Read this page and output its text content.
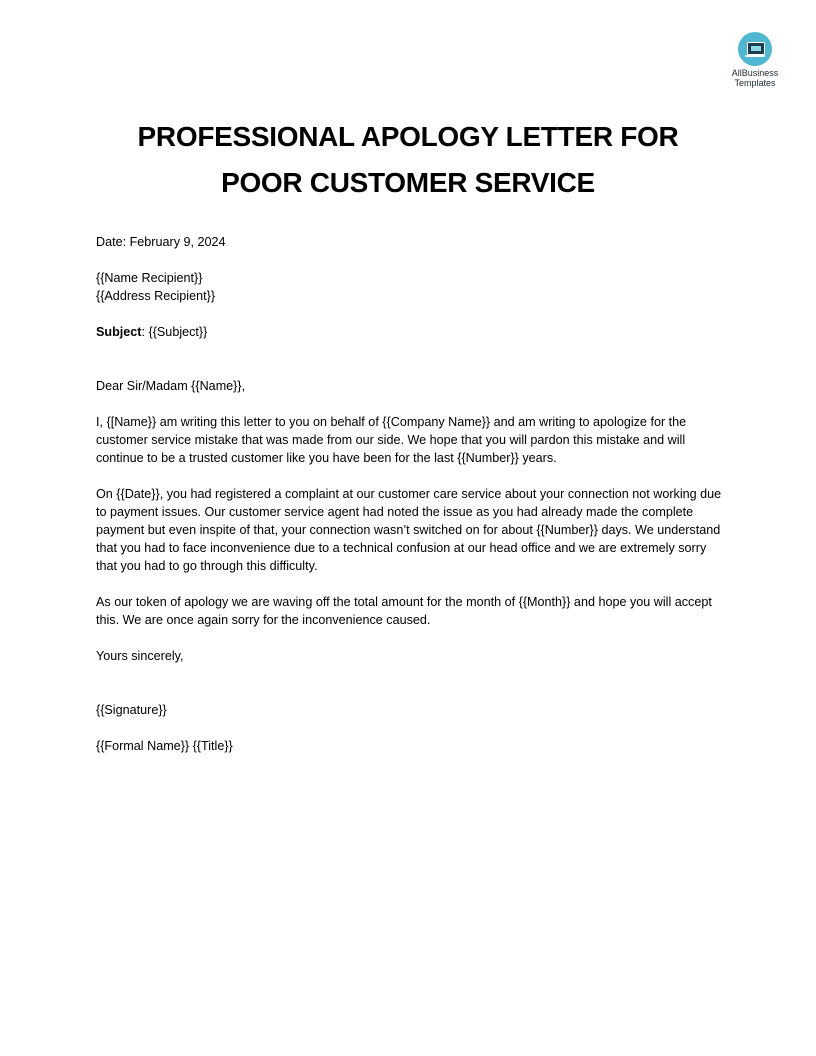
AllBusiness
Templates
PROFESSIONAL APOLOGY LETTER FOR
POOR CUSTOMER SERVICE

Date: February 9, 2024

{{Name Recipient}}

{{Address Recipient}}

Subject: {{Subject}}

Dear Sir/Madam {{Name}},

I, {[Name}} am writing this letter to you on behalf of {{Company Name}} and am writing to apologize for the customer service mistake that was made from our side. We hope that you will pardon this mistake and will continue to be a trusted customer like you have been for the last {{Number}} years.

On {{Date}}, you had registered a complaint at our customer care service about your connection not working due to payment issues. Our customer service agent had noted the issue as you had already made the complete payment but even inspite of that, your connection wasn’t switched on for about {{Number}} days. We understand that you had to face inconvenience due to a technical confusion at our head office and we are extremely sorry that you had to go through this difficulty.

As our token of apology we are waving off the total amount for the month of {{Month}} and hope you will accept this. We are once again sorry for the inconvenience caused.

Yours sincerely,

{{Signature}}

{{Formal Name}} {{Title}}
